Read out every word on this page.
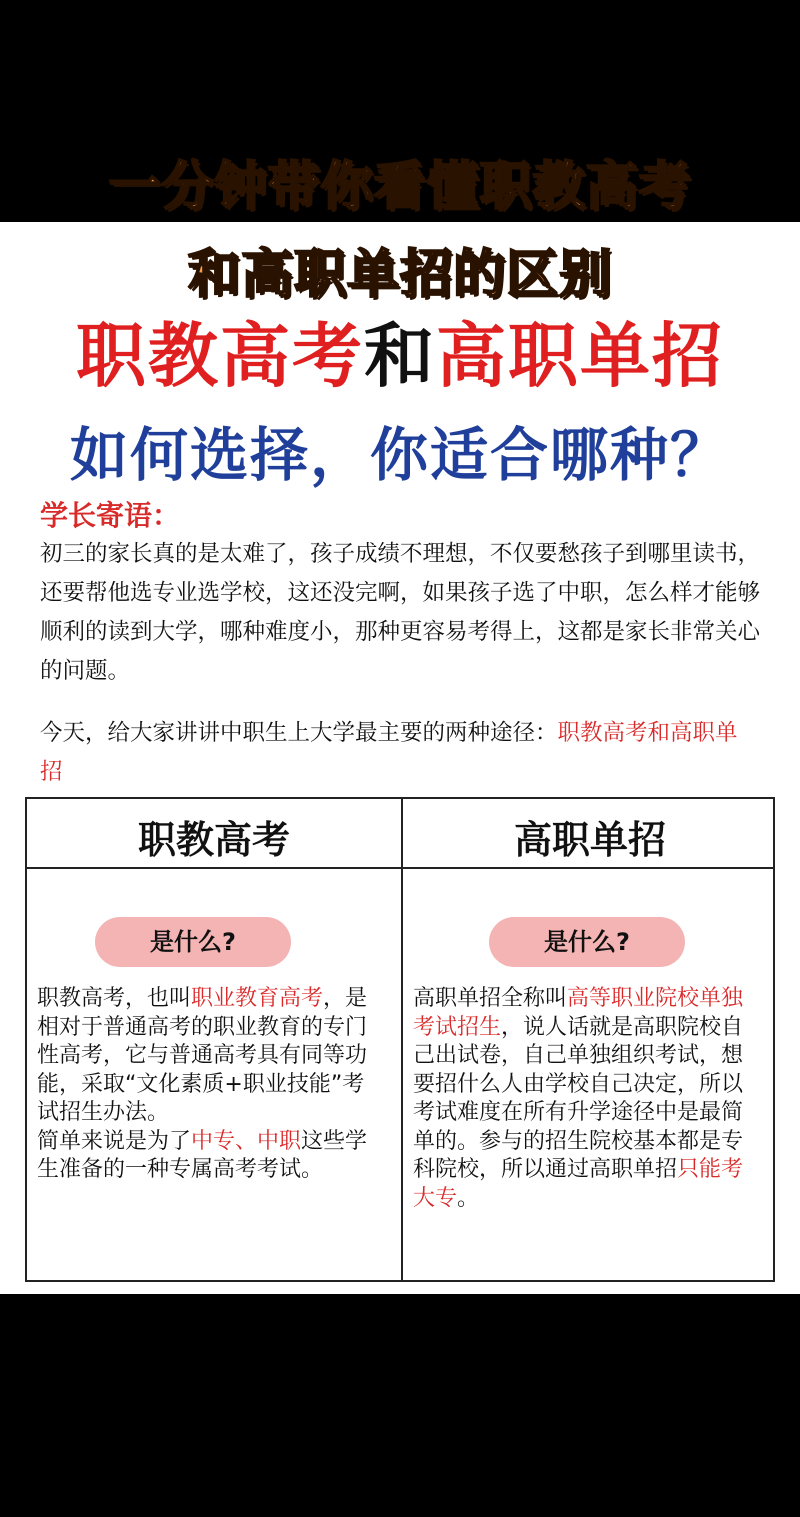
一分钟带你看懂职教高考
和高职单招的区别
职教高考和高职单招
如何选择，你适合哪种？
学长寄语：
初三的家长真的是太难了，孩子成绩不理想，不仅要愁孩子到哪里读书，还要帮他选专业选学校，这还没完啊，如果孩子选了中职，怎么样才能够顺利的读到大学，哪种难度小，那种更容易考得上，这都是家长非常关心的问题。
今天，给大家讲讲中职生上大学最主要的两种途径：职教高考和高职单招
职教高考	高职单招
是什么?	是什么?
职教高考，也叫职业教育高考，是相对于普通高考的职业教育的专门性高考，它与普通高考具有同等功能，采取“文化素质+职业技能”考试招生办法。
简单来说是为了中专、中职这些学生准备的一种专属高考考试。
高职单招全称叫高等职业院校单独考试招生，说人话就是高职院校自己出试卷，自己单独组织考试，想要招什么人由学校自己决定，所以考试难度在所有升学途径中是最简单的。参与的招生院校基本都是专科院校，所以通过高职单招只能考大专。
